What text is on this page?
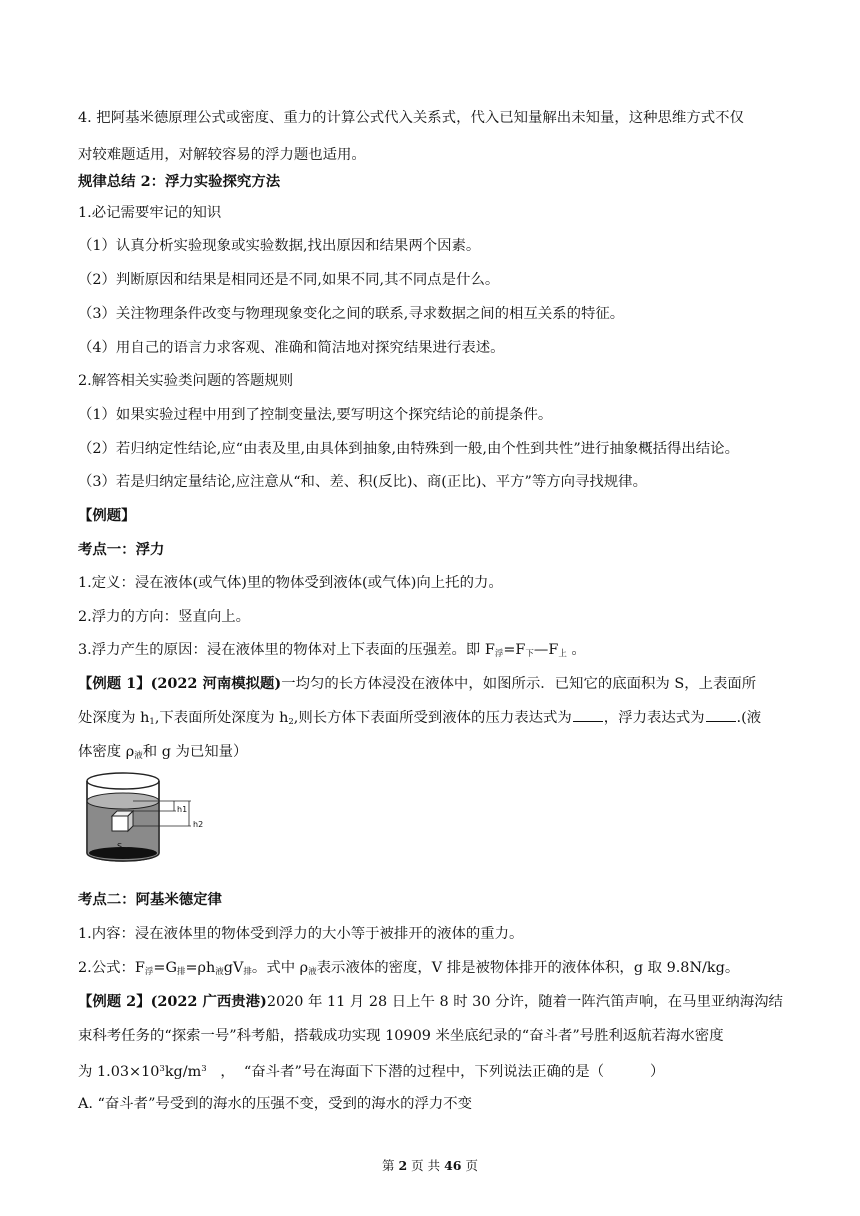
4. 把阿基米德原理公式或密度、重力的计算公式代入关系式，代入已知量解出未知量，这种思维方式不仅
对较难题适用，对解较容易的浮力题也适用。
规律总结 2：浮力实验探究方法
1.必记需要牢记的知识
（1）认真分析实验现象或实验数据,找出原因和结果两个因素。
（2）判断原因和结果是相同还是不同,如果不同,其不同点是什么。
（3）关注物理条件改变与物理现象变化之间的联系,寻求数据之间的相互关系的特征。
（4）用自己的语言力求客观、准确和简洁地对探究结果进行表述。
2.解答相关实验类问题的答题规则
（1）如果实验过程中用到了控制变量法,要写明这个探究结论的前提条件。
（2）若归纳定性结论,应“由表及里,由具体到抽象,由特殊到一般,由个性到共性”进行抽象概括得出结论。
（3）若是归纳定量结论,应注意从“和、差、积(反比)、商(正比)、平方”等方向寻找规律。
【例题】
考点一：浮力
1.定义：浸在液体(或气体)里的物体受到液体(或气体)向上托的力。
2.浮力的方向：竖直向上。
3.浮力产生的原因：浸在液体里的物体对上下表面的压强差。即 $F_浮=F_下—F_上$ 。
【例题 1】(2022 河南模拟题)一均匀的长方体浸没在液体中，如图所示．已知它的底面积为 S，上表面所
处深度为 $h_1$,下表面所处深度为 $h_2$,则长方体下表面所受到液体的压力表达式为 ，浮力表达式为 .(液
体密度 $\rho_液$和 g 为已知量）
S
h1
h2
考点二：阿基米德定律
1.内容：浸在液体里的物体受到浮力的大小等于被排开的液体的重力。
2.公式：$F_浮=G_排=\rho h_液gV_排$。式中 $\rho_液$表示液体的密度，V 排是被物体排开的液体体积，g 取 9.8N/kg。
【例题 2】(2022 广西贵港)2020 年 11 月 28 日上午 8 时 30 分许，随着一阵汽笛声响，在马里亚纳海沟结
束科考任务的“探索一号”科考船，搭载成功实现 10909 米坐底纪录的“奋斗者”号胜利返航若海水密度
为 $1.03\times 10^3kg/m^3$   ，  “奋斗者”号在海面下下潜的过程中，下列说法正确的是（	）
A. “奋斗者”号受到的海水的压强不变，受到的海水的浮力不变
第 2 页 共 46 页
